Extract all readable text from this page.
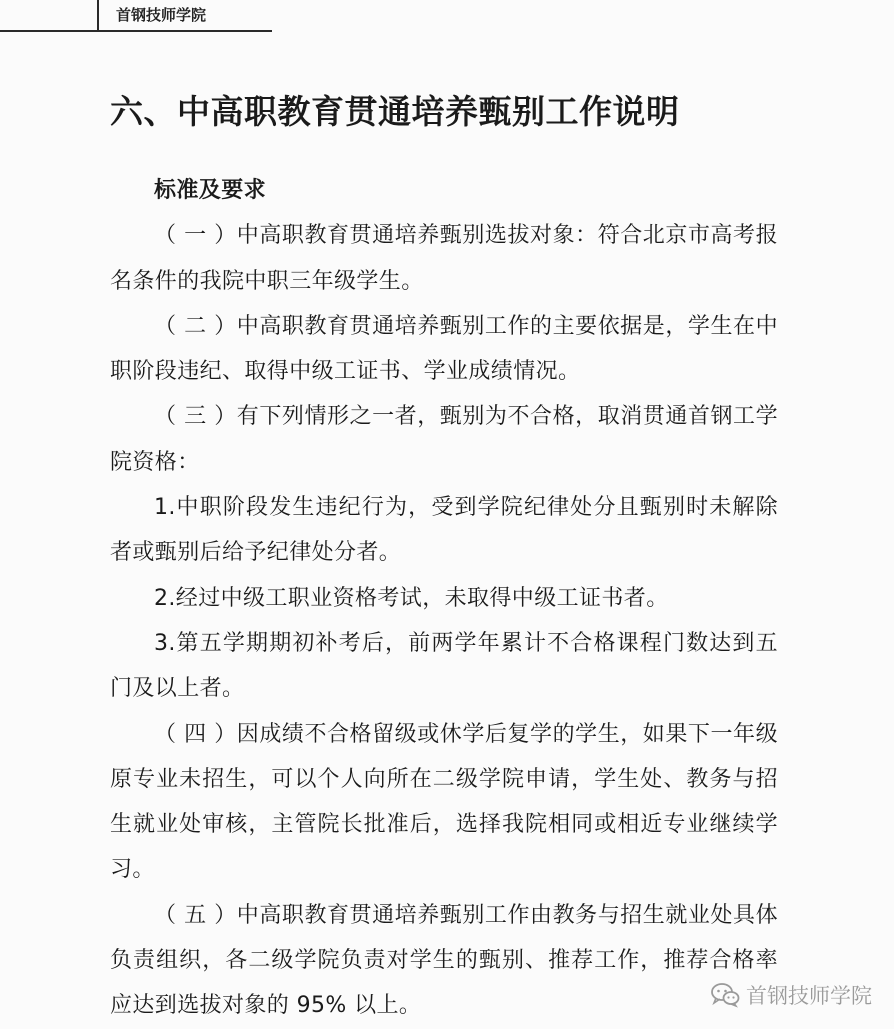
首钢技师学院
六、中高职教育贯通培养甄别工作说明

标准及要求

（ 一 ）中高职教育贯通培养甄别选拔对象：符合北京市高考报名条件的我院中职三年级学生。

（ 二 ）中高职教育贯通培养甄别工作的主要依据是，学生在中职阶段违纪、取得中级工证书、学业成绩情况。

（ 三 ）有下列情形之一者，甄别为不合格，取消贯通首钢工学院资格：

1.中职阶段发生违纪行为，受到学院纪律处分且甄别时未解除者或甄别后给予纪律处分者。

2.经过中级工职业资格考试，未取得中级工证书者。

3.第五学期期初补考后，前两学年累计不合格课程门数达到五门及以上者。

（ 四 ）因成绩不合格留级或休学后复学的学生，如果下一年级原专业未招生，可以个人向所在二级学院申请，学生处、教务与招生就业处审核，主管院长批准后，选择我院相同或相近专业继续学习。

（ 五 ）中高职教育贯通培养甄别工作由教务与招生就业处具体负责组织，各二级学院负责对学生的甄别、推荐工作，推荐合格率应达到选拔对象的 95% 以上。	首钢技师学院
